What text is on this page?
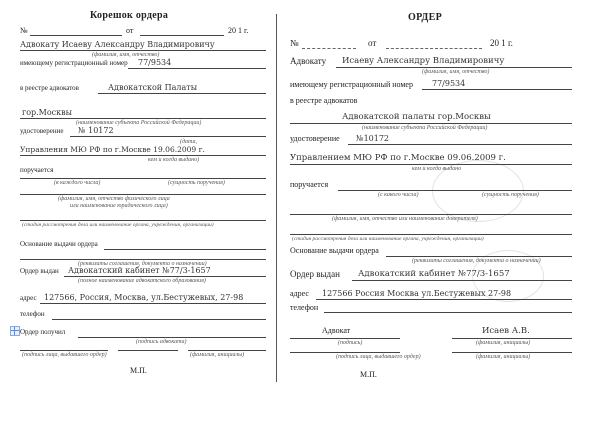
Корешок ордера
№	от	20 1 г.
Адвокату Исаеву Александру Владимировичу
(фамилия, имя, отчество)
имеющему регистрационный номер 77/9534
в реестре адвокатов	Адвокатской Палаты
гор.Москвы
(наименование субъекта Российской Федерации)
удостоверение № 10172
(дата,
Управления МЮ РФ по г.Москве 19.06.2009 г.
кем и когда выдано)
поручается
(в каждого числа)	(сущность поручения)
(фамилия, имя, отчество физического лица
или наименование юридического лица)
(стадия рассмотрения дела или наименование органа, учреждения, организации)
Основание выдачи ордера
(реквизиты соглашения, документа о назначении)
Ордер выдан Адвокатский кабинет №77/3-1657
(полное наименование адвокатского образования)
адрес 127566, Россия, Москва, ул.Бестужевых, 27-98
телефон
Ордер получил
(подпись адвоката)
(подпись лица, выдавшего ордер)	(фамилия, инициалы)
М.П.
ОРДЕР
№	от	20 1 г.
Адвокату Исаеву Александру Владимировичу
(фамилия, имя, отчество)
имеющему регистрационный номер 77/9534
в реестре адвокатов
Адвокатской палаты гор.Москвы
(наименование субъекта Российской Федерации)
удостоверение №10172
Управлением МЮ РФ по г.Москве 09.06.2009 г.
кем и когда выдано
поручается
(с какого числа)	(сущность поручения)
(фамилия, имя, отчество или наименование доверителя)
(стадия рассмотрения дела или наименование органа, учреждения, организации)
Основание выдачи ордера
(реквизиты соглашения, документа о назначении)
Ордер выдан Адвокатский кабинет №77/3-1657
адрес 127566 Россия Москва ул.Бестужевых 27-98
телефон
Адвокат
(подпись)
Исаев А.В.
(фамилия, инициалы)
(подпись лица, выдавшего ордер)	(фамилия, инициалы)
М.П.
